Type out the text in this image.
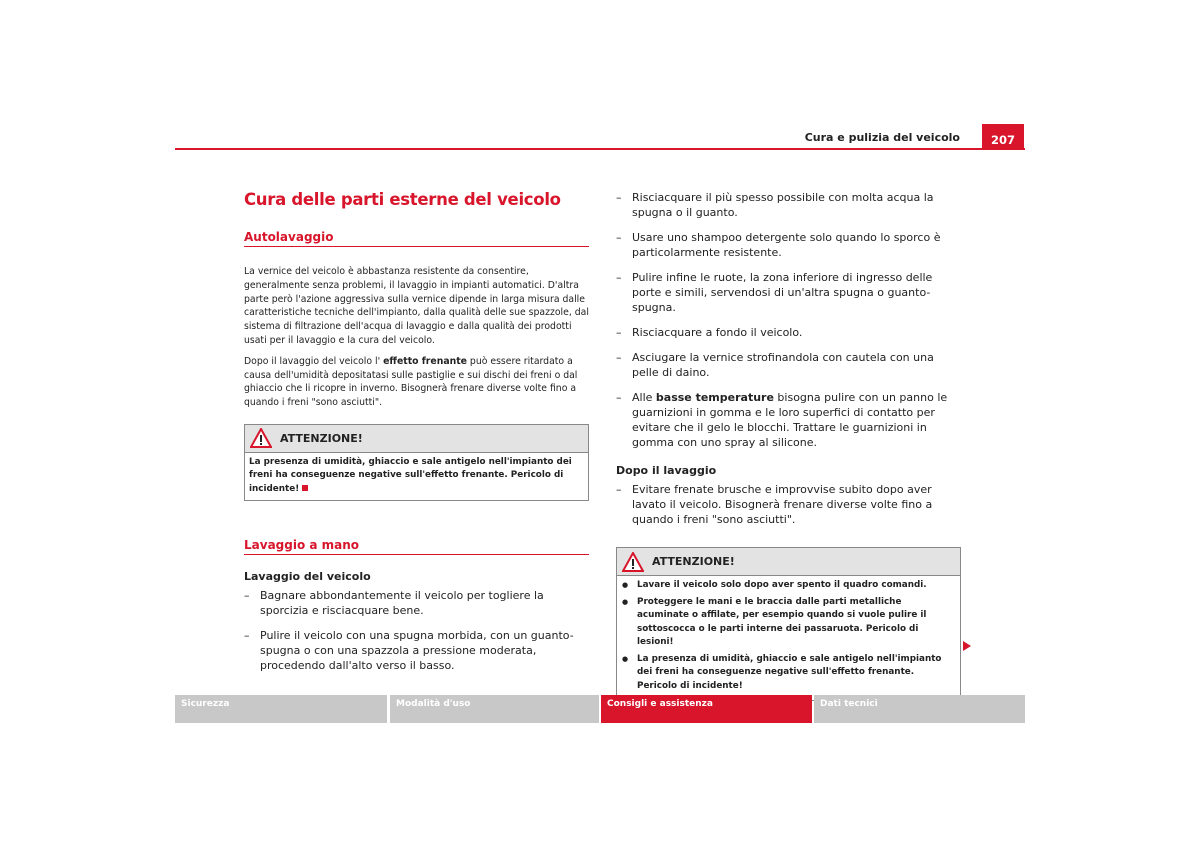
Cura e pulizia del veicolo	207
Cura delle parti esterne del veicolo
Autolavaggio

La vernice del veicolo è abbastanza resistente da consentire, generalmente senza problemi, il lavaggio in impianti automatici. D'altra parte però l'azione aggressiva sulla vernice dipende in larga misura dalle caratteristiche tecniche dell'impianto, dalla qualità delle sue spazzole, dal sistema di filtrazione dell'acqua di lavaggio e dalla qualità dei prodotti usati per il lavaggio e la cura del veicolo.

Dopo il lavaggio del veicolo l' effetto frenante può essere ritardato a causa dell'umidità depositatasi sulle pastiglie e sui dischi dei freni o dal ghiaccio che li ricopre in inverno. Bisognerà frenare diverse volte fino a quando i freni "sono asciutti".

ATTENZIONE!
La presenza di umidità, ghiaccio e sale antigelo nell'impianto dei freni ha conseguenze negative sull'effetto frenante. Pericolo di incidente!
Lavaggio a mano
Lavaggio del veicolo

– Bagnare abbondantemente il veicolo per togliere la sporcizia e risciacquare bene.

– Pulire il veicolo con una spugna morbida, con un guanto-spugna o con una spazzola a pressione moderata, procedendo dall'alto verso il basso.

– Risciacquare il più spesso possibile con molta acqua la spugna o il guanto.

– Usare uno shampoo detergente solo quando lo sporco è particolarmente resistente.

– Pulire infine le ruote, la zona inferiore di ingresso delle porte e simili, servendosi di un'altra spugna o guanto-spugna.

– Risciacquare a fondo il veicolo.

– Asciugare la vernice strofinandola con cautela con una pelle di daino.

– Alle basse temperature bisogna pulire con un panno le guarnizioni in gomma e le loro superfici di contatto per evitare che il gelo le blocchi. Trattare le guarnizioni in gomma con uno spray al silicone.

Dopo il lavaggio

– Evitare frenate brusche e improvvise subito dopo aver lavato il veicolo. Bisognerà frenare diverse volte fino a quando i freni "sono asciutti".

ATTENZIONE!
● Lavare il veicolo solo dopo aver spento il quadro comandi.
● Proteggere le mani e le braccia dalle parti metalliche acuminate o affilate, per esempio quando si vuole pulire il sottoscocca o le parti interne dei passaruota. Pericolo di lesioni!
● La presenza di umidità, ghiaccio e sale antigelo nell'impianto dei freni ha conseguenze negative sull'effetto frenante. Pericolo di incidente!
Sicurezza	Modalità d'uso	Consigli e assistenza	Dati tecnici
